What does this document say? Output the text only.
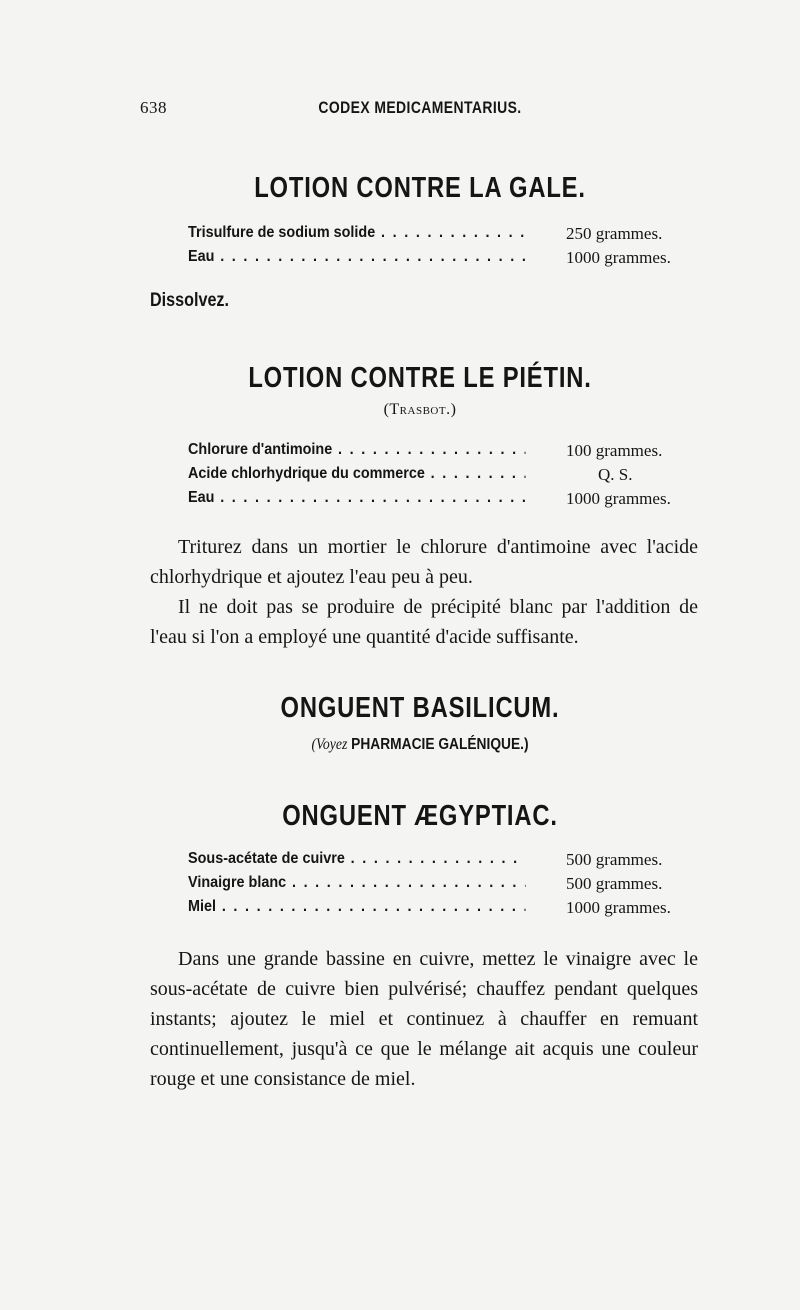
638	CODEX MEDICAMENTARIUS.
LOTION CONTRE LA GALE.
Trisulfure de sodium solide . . .	250 grammes.
Eau . . .	1000 grammes.
Dissolvez.
LOTION CONTRE LE PIÉTIN.
(Trasbot.)
Chlorure d'antimoine . . .	100 grammes.
Acide chlorhydrique du commerce . . .	Q. S.
Eau . . .	1000 grammes.
Triturez dans un mortier le chlorure d'antimoine avec l'acide chlorhydrique et ajoutez l'eau peu à peu.
Il ne doit pas se produire de précipité blanc par l'addition de l'eau si l'on a employé une quantité d'acide suffisante.
ONGUENT BASILICUM.
(Voyez PHARMACIE GALÉNIQUE.)
ONGUENT ÆGYPTIAC.
Sous-acétate de cuivre . . .	500 grammes.
Vinaigre blanc . . .	500 grammes.
Miel . . .	1000 grammes.
Dans une grande bassine en cuivre, mettez le vinaigre avec le sous-acétate de cuivre bien pulvérisé; chauffez pendant quelques instants; ajoutez le miel et continuez à chauffer en remuant continuellement, jusqu'à ce que le mélange ait acquis une couleur rouge et une consistance de miel.
